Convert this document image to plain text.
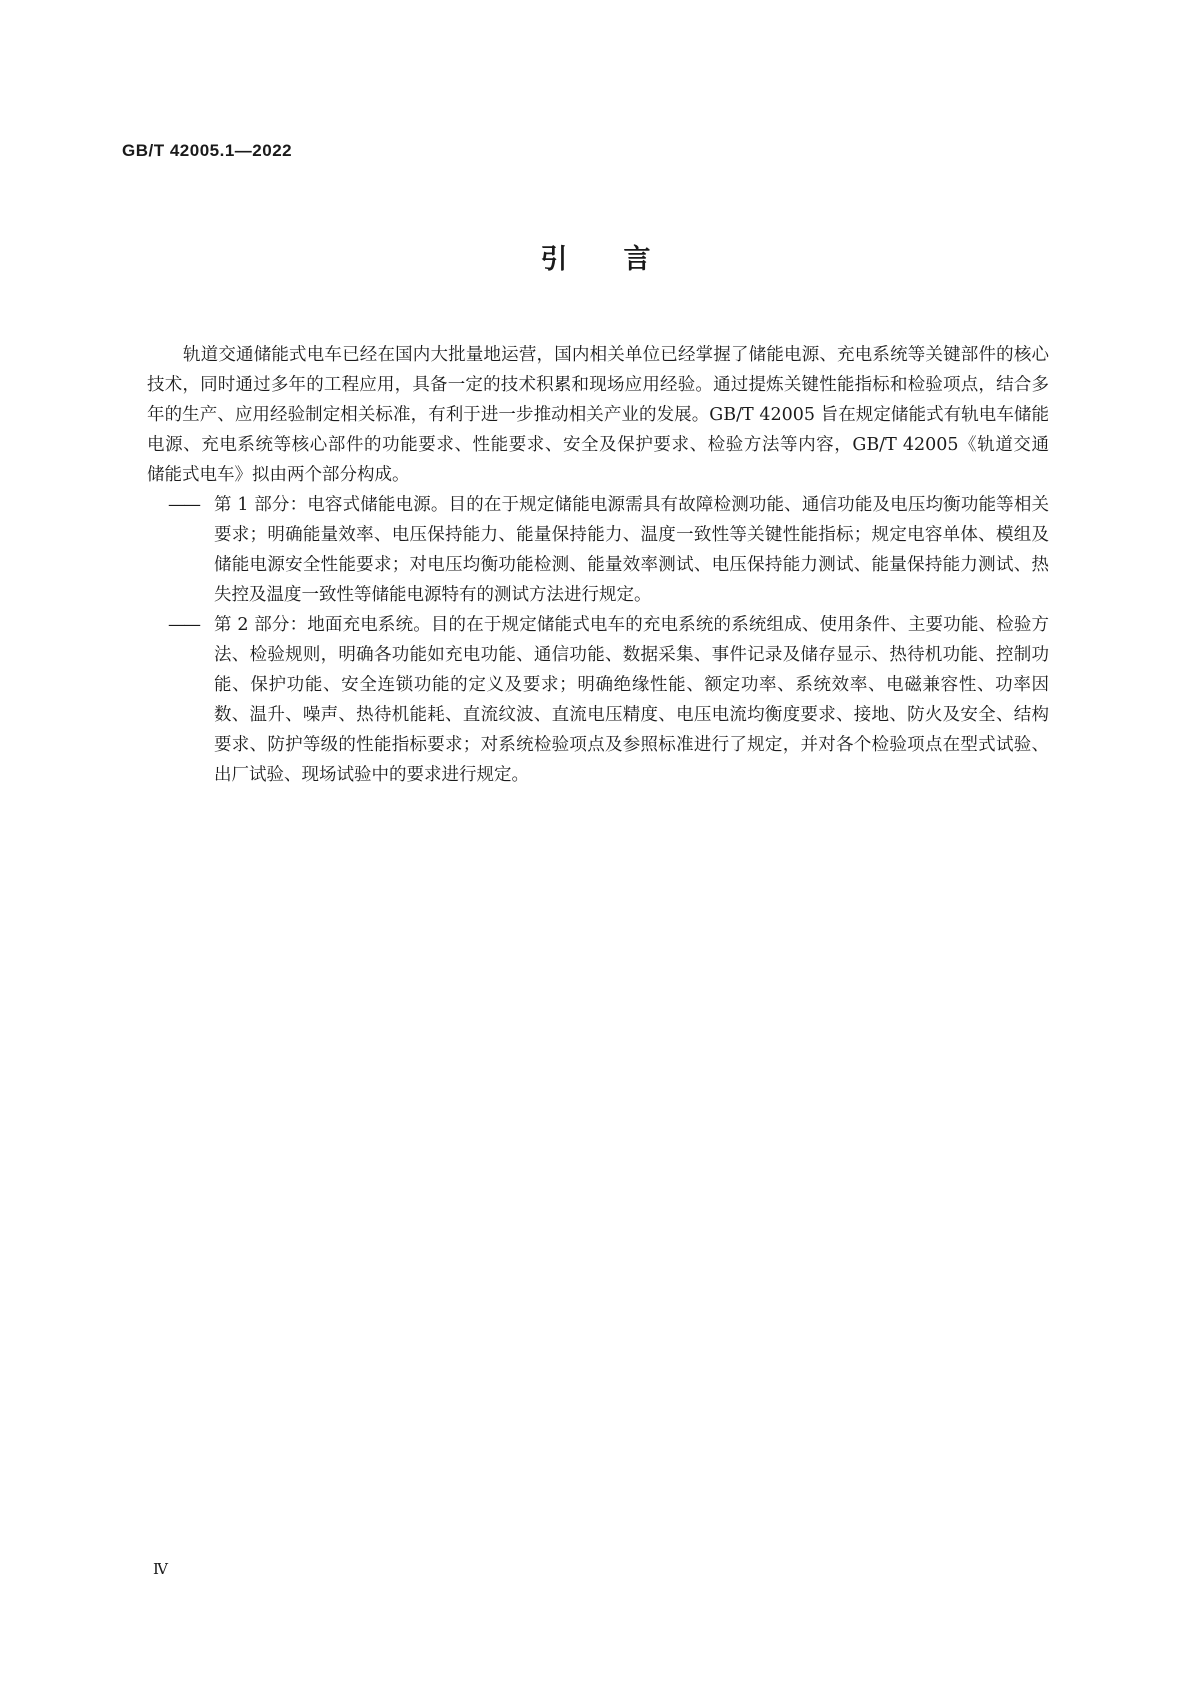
GB/T 42005.1—2022
引言

轨道交通储能式电车已经在国内大批量地运营，国内相关单位已经掌握了储能电源、充电系统等关键部件的核心技术，同时通过多年的工程应用，具备一定的技术积累和现场应用经验。通过提炼关键性能指标和检验项点，结合多年的生产、应用经验制定相关标准，有利于进一步推动相关产业的发展。GB/T 42005 旨在规定储能式有轨电车储能电源、充电系统等核心部件的功能要求、性能要求、安全及保护要求、检验方法等内容，GB/T 42005《轨道交通　储能式电车》拟由两个部分构成。

—— 第 1 部分：电容式储能电源。目的在于规定储能电源需具有故障检测功能、通信功能及电压均衡功能等相关要求；明确能量效率、电压保持能力、能量保持能力、温度一致性等关键性能指标；规定电容单体、模组及储能电源安全性能要求；对电压均衡功能检测、能量效率测试、电压保持能力测试、能量保持能力测试、热失控及温度一致性等储能电源特有的测试方法进行规定。
—— 第 2 部分：地面充电系统。目的在于规定储能式电车的充电系统的系统组成、使用条件、主要功能、检验方法、检验规则，明确各功能如充电功能、通信功能、数据采集、事件记录及储存显示、热待机功能、控制功能、保护功能、安全连锁功能的定义及要求；明确绝缘性能、额定功率、系统效率、电磁兼容性、功率因数、温升、噪声、热待机能耗、直流纹波、直流电压精度、电压电流均衡度要求、接地、防火及安全、结构要求、防护等级的性能指标要求；对系统检验项点及参照标准进行了规定，并对各个检验项点在型式试验、出厂试验、现场试验中的要求进行规定。
Ⅳ
